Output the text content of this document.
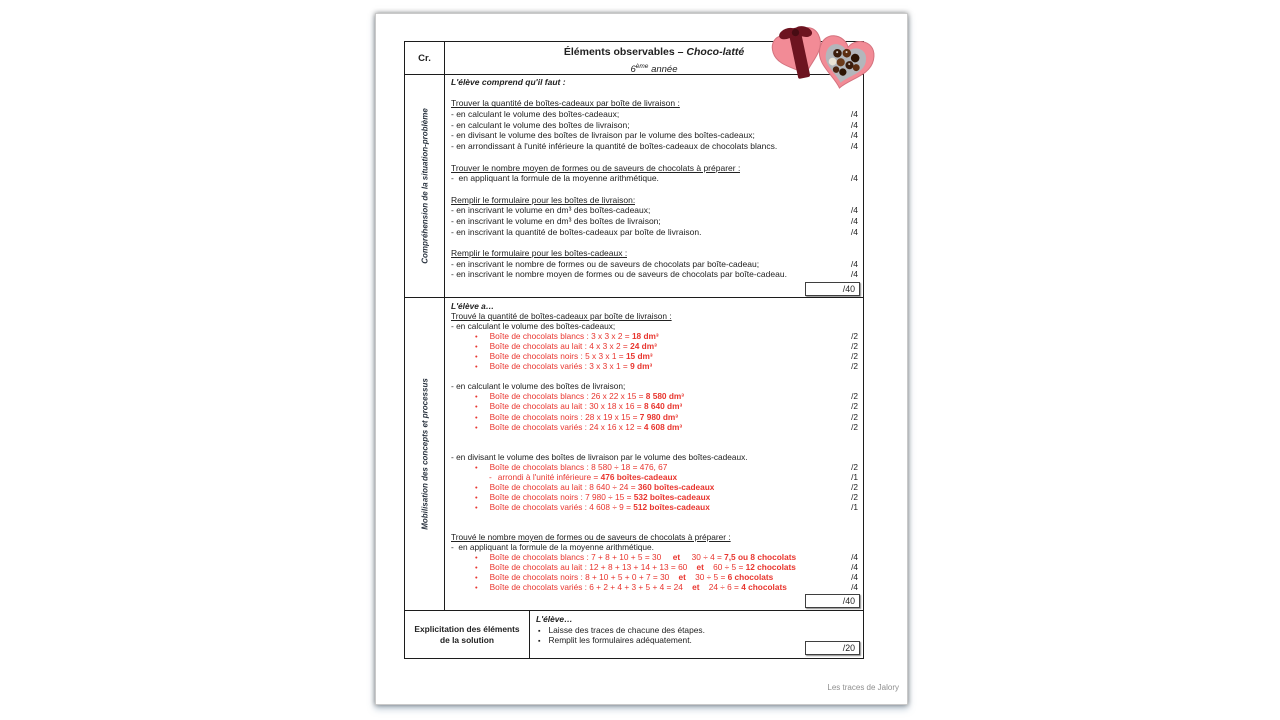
Cr.	Éléments observables – Choco-latté
6ème année
Compréhension de la situation-problème
L'élève comprend qu'il faut :
Trouver la quantité de boîtes-cadeaux par boîte de livraison :
- en calculant le volume des boîtes-cadeaux;	/4
- en calculant le volume des boîtes de livraison;	/4
- en divisant le volume des boîtes de livraison par le volume des boîtes-cadeaux;	/4
- en arrondissant à l'unité inférieure la quantité de boîtes-cadeaux de chocolats blancs.	/4
Trouver le nombre moyen de formes ou de saveurs de chocolats à préparer :
-  en appliquant la formule de la moyenne arithmétique.	/4
Remplir le formulaire pour les boîtes de livraison:
- en inscrivant le volume en dm³ des boîtes-cadeaux;	/4
- en inscrivant le volume en dm³ des boîtes de livraison;	/4
- en inscrivant la quantité de boîtes-cadeaux par boîte de livraison.	/4
Remplir le formulaire pour les boîtes-cadeaux :
- en inscrivant le nombre de formes ou de saveurs de chocolats par boîte-cadeau;	/4
- en inscrivant le nombre moyen de formes ou de saveurs de chocolats par boîte-cadeau.	/4
/40
Mobilisation des concepts et processus
L'élève a…
Trouvé la quantité de boîtes-cadeaux par boîte de livraison :
- en calculant le volume des boîtes-cadeaux;
• Boîte de chocolats blancs : 3 x 3 x 2 = 18 dm³	/2
• Boîte de chocolats au lait : 4 x 3 x 2 = 24 dm³	/2
• Boîte de chocolats noirs : 5 x 3 x 1 = 15 dm³	/2
• Boîte de chocolats variés : 3 x 3 x 1 = 9 dm³	/2
- en calculant le volume des boîtes de livraison;
• Boîte de chocolats blancs : 26 x 22 x 15 = 8 580 dm³	/2
• Boîte de chocolats au lait : 30 x 18 x 16 = 8 640 dm³	/2
• Boîte de chocolats noirs : 28 x 19 x 15 = 7 980 dm³	/2
• Boîte de chocolats variés : 24 x 16 x 12 = 4 608 dm³	/2
- en divisant le volume des boîtes de livraison par le volume des boîtes-cadeaux.
• Boîte de chocolats blancs : 8 580 ÷ 18 = 476, 67	/2
- arrondi à l'unité inférieure = 476 boîtes-cadeaux	/1
• Boîte de chocolats au lait : 8 640 ÷ 24 = 360 boîtes-cadeaux	/2
• Boîte de chocolats noirs : 7 980 ÷ 15 = 532 boîtes-cadeaux	/2
• Boîte de chocolats variés : 4 608 ÷ 9 = 512 boîtes-cadeaux	/1
Trouvé le nombre moyen de formes ou de saveurs de chocolats à préparer :
-  en appliquant la formule de la moyenne arithmétique.
• Boîte de chocolats blancs : 7 + 8 + 10 + 5 = 30     et     30 ÷ 4 = 7,5 ou 8 chocolats	/4
• Boîte de chocolats au lait : 12 + 8 + 13 + 14 + 13 = 60    et    60 ÷ 5 = 12 chocolats	/4
• Boîte de chocolats noirs : 8 + 10 + 5 + 0 + 7 = 30    et    30 ÷ 5 = 6 chocolats	/4
• Boîte de chocolats variés : 6 + 2 + 4 + 3 + 5 + 4 = 24    et    24 ÷ 6 = 4 chocolats	/4
/40
Explicitation des éléments de la solution
L'élève…
▪ Laisse des traces de chacune des étapes.
▪ Remplit les formulaires adéquatement.
/20
Les traces de Jalory
